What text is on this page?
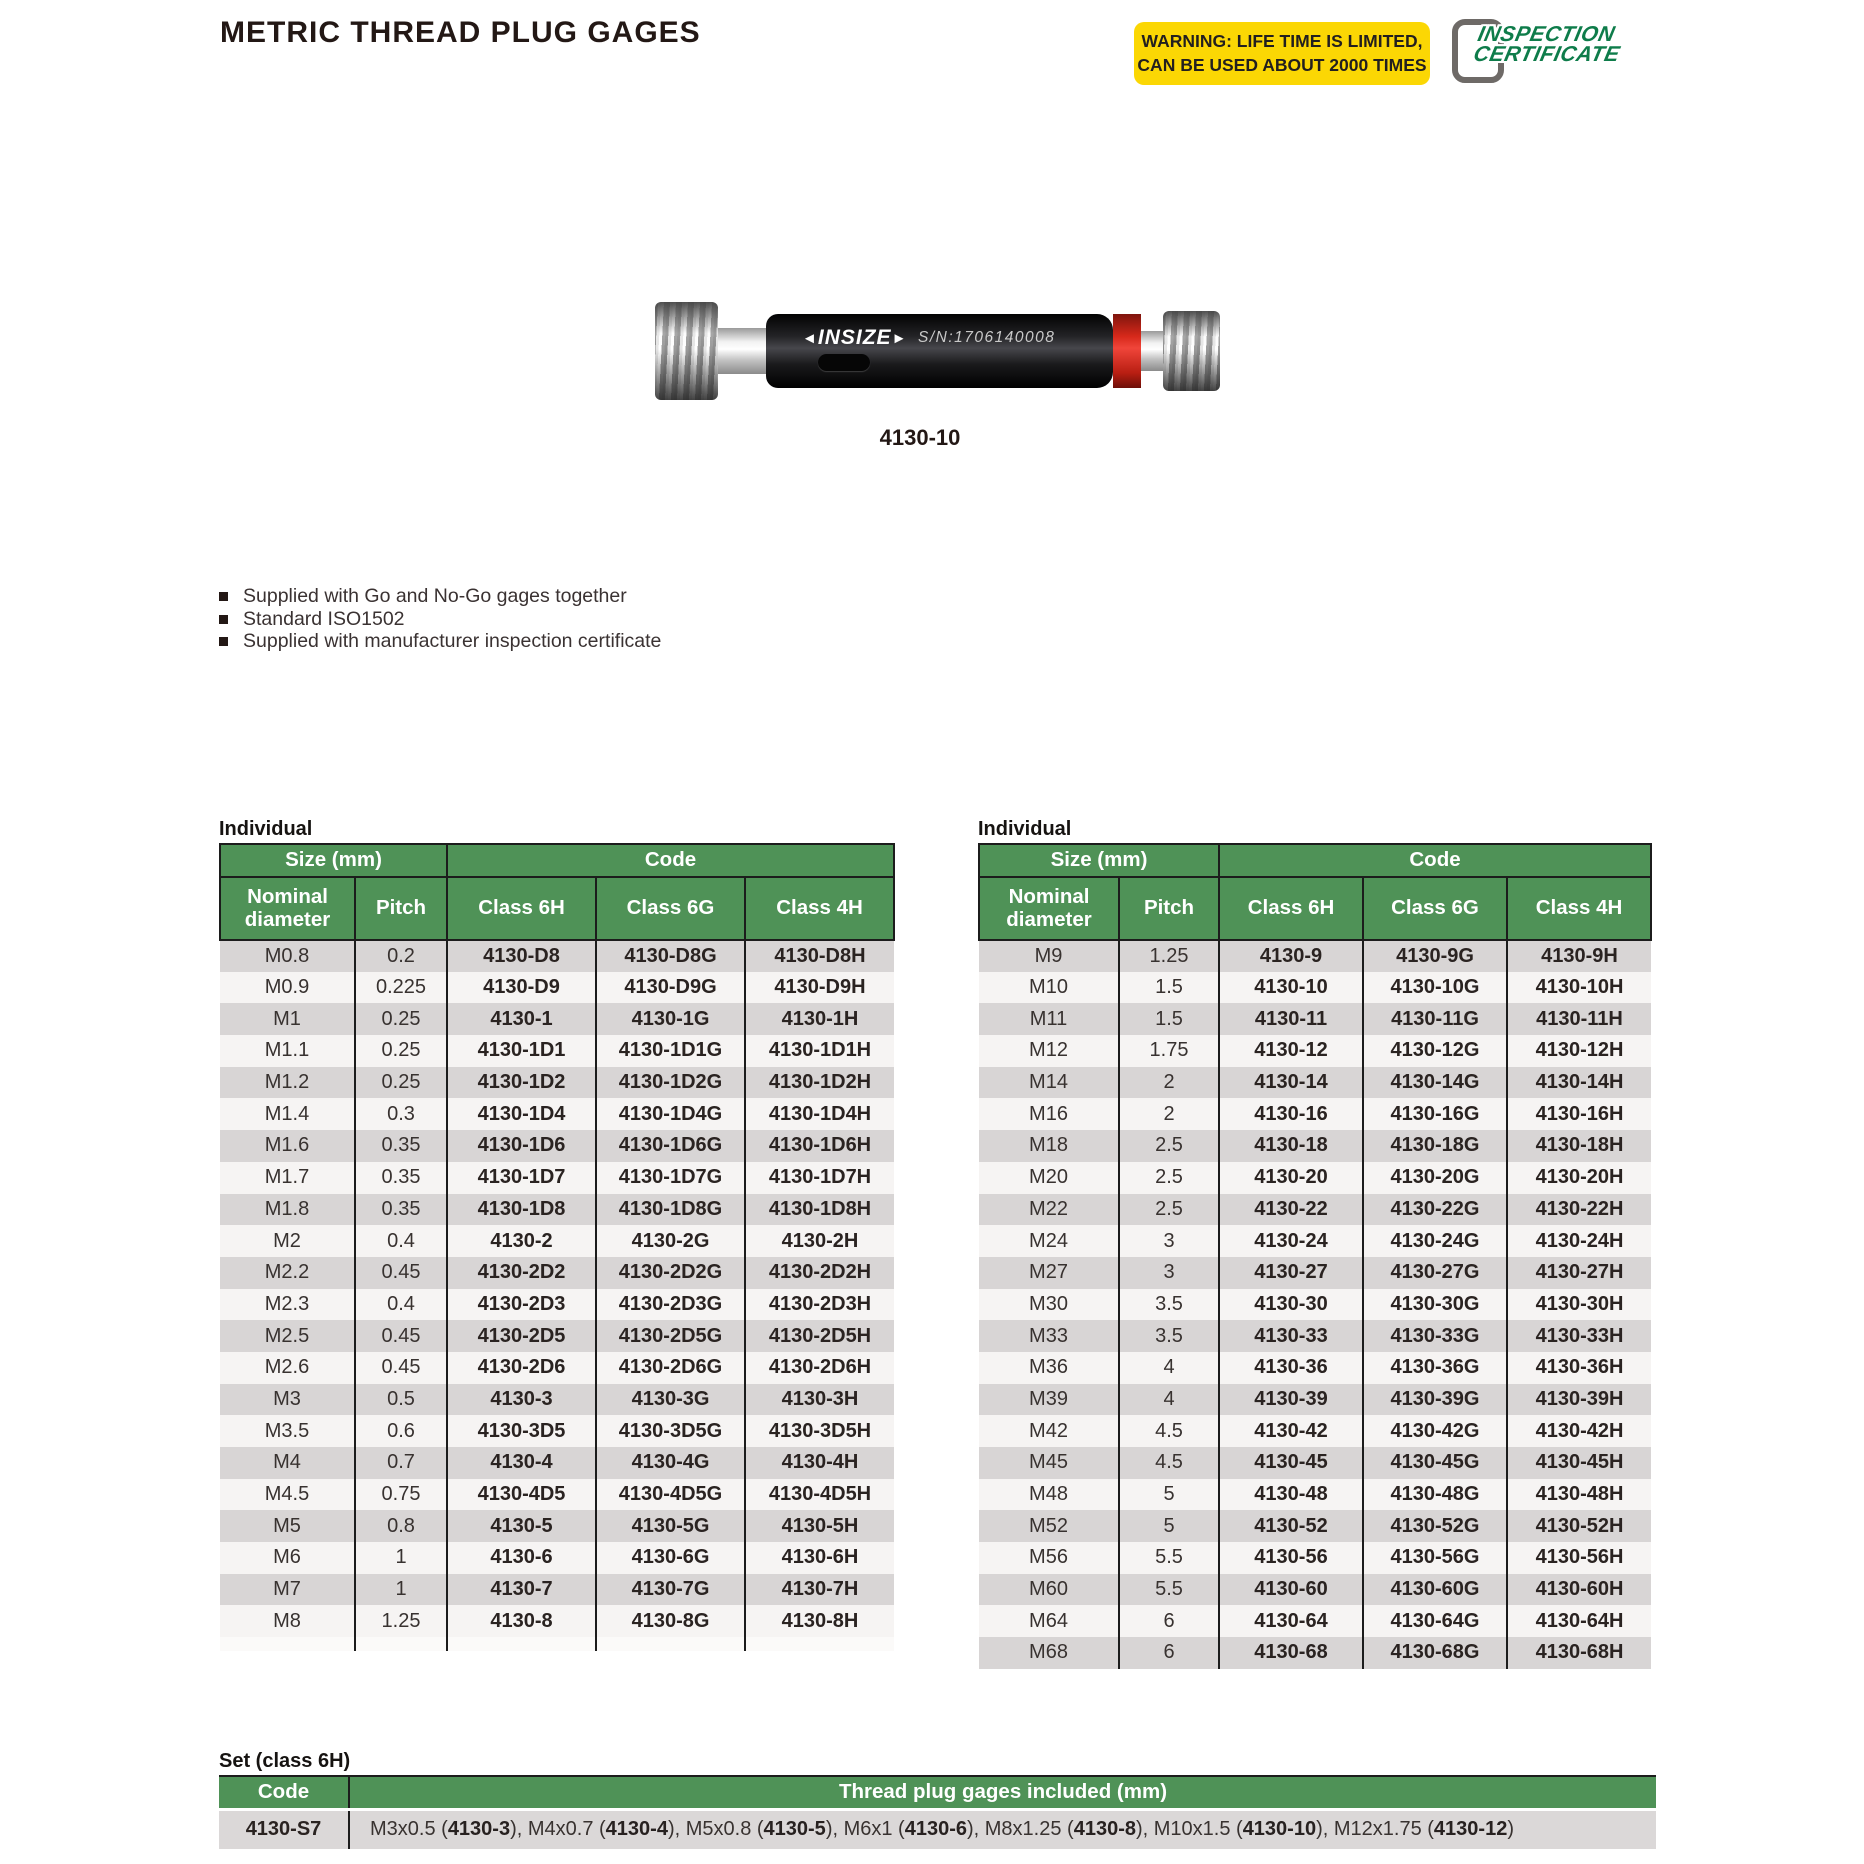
METRIC THREAD PLUG GAGES	WARNING: LIFE TIME IS LIMITED,
CAN BE USED ABOUT 2000 TIMES
INSPECTION
CERTIFICATE
◄INSIZE► S/N:1706140008
4130-10
Supplied with Go and No-Go gages together
Standard ISO1502
Supplied with manufacturer inspection certificate
Individual
Size (mm)		Code		
Nominal diameter	Pitch	Class 6H	Class 6G	Class 4H
M0.8	0.2	4130-D8	4130-D8G	4130-D8H
M0.9	0.225	4130-D9	4130-D9G	4130-D9H
M1	0.25	4130-1	4130-1G	4130-1H
M1.1	0.25	4130-1D1	4130-1D1G	4130-1D1H
M1.2	0.25	4130-1D2	4130-1D2G	4130-1D2H
M1.4	0.3	4130-1D4	4130-1D4G	4130-1D4H
M1.6	0.35	4130-1D6	4130-1D6G	4130-1D6H
M1.7	0.35	4130-1D7	4130-1D7G	4130-1D7H
M1.8	0.35	4130-1D8	4130-1D8G	4130-1D8H
M2	0.4	4130-2	4130-2G	4130-2H
M2.2	0.45	4130-2D2	4130-2D2G	4130-2D2H
M2.3	0.4	4130-2D3	4130-2D3G	4130-2D3H
M2.5	0.45	4130-2D5	4130-2D5G	4130-2D5H
M2.6	0.45	4130-2D6	4130-2D6G	4130-2D6H
M3	0.5	4130-3	4130-3G	4130-3H
M3.5	0.6	4130-3D5	4130-3D5G	4130-3D5H
M4	0.7	4130-4	4130-4G	4130-4H
M4.5	0.75	4130-4D5	4130-4D5G	4130-4D5H
M5	0.8	4130-5	4130-5G	4130-5H
M6	1	4130-6	4130-6G	4130-6H
M7	1	4130-7	4130-7G	4130-7H
M8	1.25	4130-8	4130-8G	4130-8H

Individual
Size (mm)		Code		
Nominal diameter	Pitch	Class 6H	Class 6G	Class 4H
M9	1.25	4130-9	4130-9G	4130-9H
M10	1.5	4130-10	4130-10G	4130-10H
M11	1.5	4130-11	4130-11G	4130-11H
M12	1.75	4130-12	4130-12G	4130-12H
M14	2	4130-14	4130-14G	4130-14H
M16	2	4130-16	4130-16G	4130-16H
M18	2.5	4130-18	4130-18G	4130-18H
M20	2.5	4130-20	4130-20G	4130-20H
M22	2.5	4130-22	4130-22G	4130-22H
M24	3	4130-24	4130-24G	4130-24H
M27	3	4130-27	4130-27G	4130-27H
M30	3.5	4130-30	4130-30G	4130-30H
M33	3.5	4130-33	4130-33G	4130-33H
M36	4	4130-36	4130-36G	4130-36H
M39	4	4130-39	4130-39G	4130-39H
M42	4.5	4130-42	4130-42G	4130-42H
M45	4.5	4130-45	4130-45G	4130-45H
M48	5	4130-48	4130-48G	4130-48H
M52	5	4130-52	4130-52G	4130-52H
M56	5.5	4130-56	4130-56G	4130-56H
M60	5.5	4130-60	4130-60G	4130-60H
M64	6	4130-64	4130-64G	4130-64H
M68	6	4130-68	4130-68G	4130-68H
Set (class 6H)
Code	Thread plug gages included (mm)
4130-S7	M3x0.5 (4130-3), M4x0.7 (4130-4), M5x0.8 (4130-5), M6x1 (4130-6), M8x1.25 (4130-8), M10x1.5 (4130-10), M12x1.75 (4130-12)
